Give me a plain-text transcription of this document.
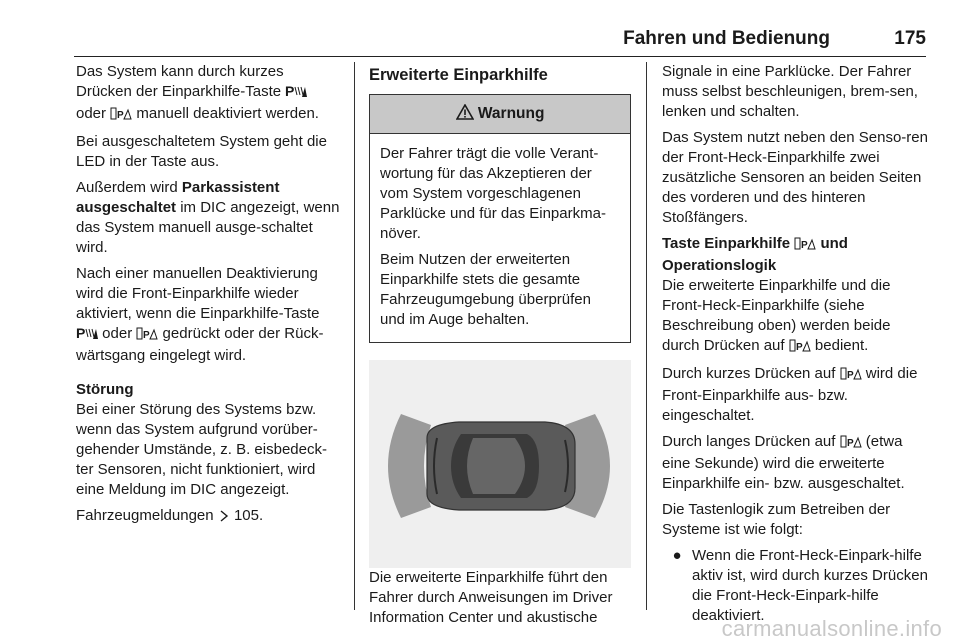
Fahren und Bedienung	175

Das System kann durch kurzes
Drücken der Einparkhilfe-Taste P

oder P manuell deaktiviert werden.

Bei ausgeschaltetem System geht die LED in der Taste aus.

Außerdem wird Parkassistent ausgeschaltet im DIC angezeigt, wenn das System manuell ausge-schaltet wird.

Nach einer manuellen Deaktivierung wird die Front-Einparkhilfe wieder aktiviert, wenn die Einparkhilfe-Taste
P oder P gedrückt oder der Rück-wärtsgang eingelegt wird.

Störung
Bei einer Störung des Systems bzw. wenn das System aufgrund vorüber-gehender Umstände, z. B. eisbedeck-ter Sensoren, nicht funktioniert, wird eine Meldung im DIC angezeigt.

Fahrzeugmeldungen 105.

Erweiterte Einparkhilfe
Warnung

Der Fahrer trägt die volle Verant-wortung für das Akzeptieren der vom System vorgeschlagenen Parklücke und für das Einparkma-növer.

Beim Nutzen der erweiterten Einparkhilfe stets die gesamte Fahrzeugumgebung überprüfen und im Auge behalten.

Die erweiterte Einparkhilfe führt den Fahrer durch Anweisungen im Driver Information Center und akustische

Signale in eine Parklücke. Der Fahrer muss selbst beschleunigen, brem-sen, lenken und schalten.

Das System nutzt neben den Senso-ren der Front-Heck-Einparkhilfe zwei zusätzliche Sensoren an beiden Seiten des vorderen und des hinteren Stoßfängers.

Taste Einparkhilfe P und Operationslogik

Die erweiterte Einparkhilfe und die Front-Heck-Einparkhilfe (siehe Beschreibung oben) werden beide durch Drücken auf P bedient.

Durch kurzes Drücken auf P wird die Front-Einparkhilfe aus- bzw. eingeschaltet.

Durch langes Drücken auf P (etwa eine Sekunde) wird die erweiterte Einparkhilfe ein- bzw. ausgeschaltet.

Die Tastenlogik zum Betreiben der Systeme ist wie folgt:

● Wenn die Front-Heck-Einpark-hilfe aktiv ist, wird durch kurzes Drücken die Front-Heck-Einpark-hilfe deaktiviert.
carmanualsonline.info
